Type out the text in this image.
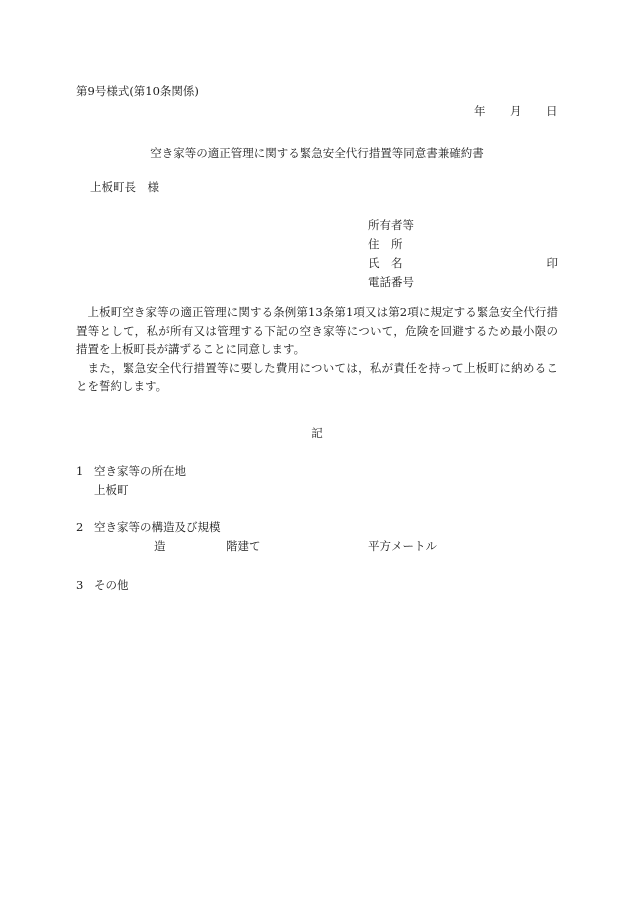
第9号様式(第10条関係)

年 月 日

空き家等の適正管理に関する緊急安全代行措置等同意書兼確約書

上板町長　様

所有者等
住　所
氏　名	印
電話番号

上板町空き家等の適正管理に関する条例第13条第1項又は第2項に規定する緊急安全代行措置等として，私が所有又は管理する下記の空き家等について，危険を回避するため最小限の措置を上板町長が講ずることに同意します。

また，緊急安全代行措置等に要した費用については，私が責任を持って上板町に納めることを誓約します。

記

1 空き家等の所在地

上板町

2 空き家等の構造及び規模

造	階建て	平方メートル

3 その他
